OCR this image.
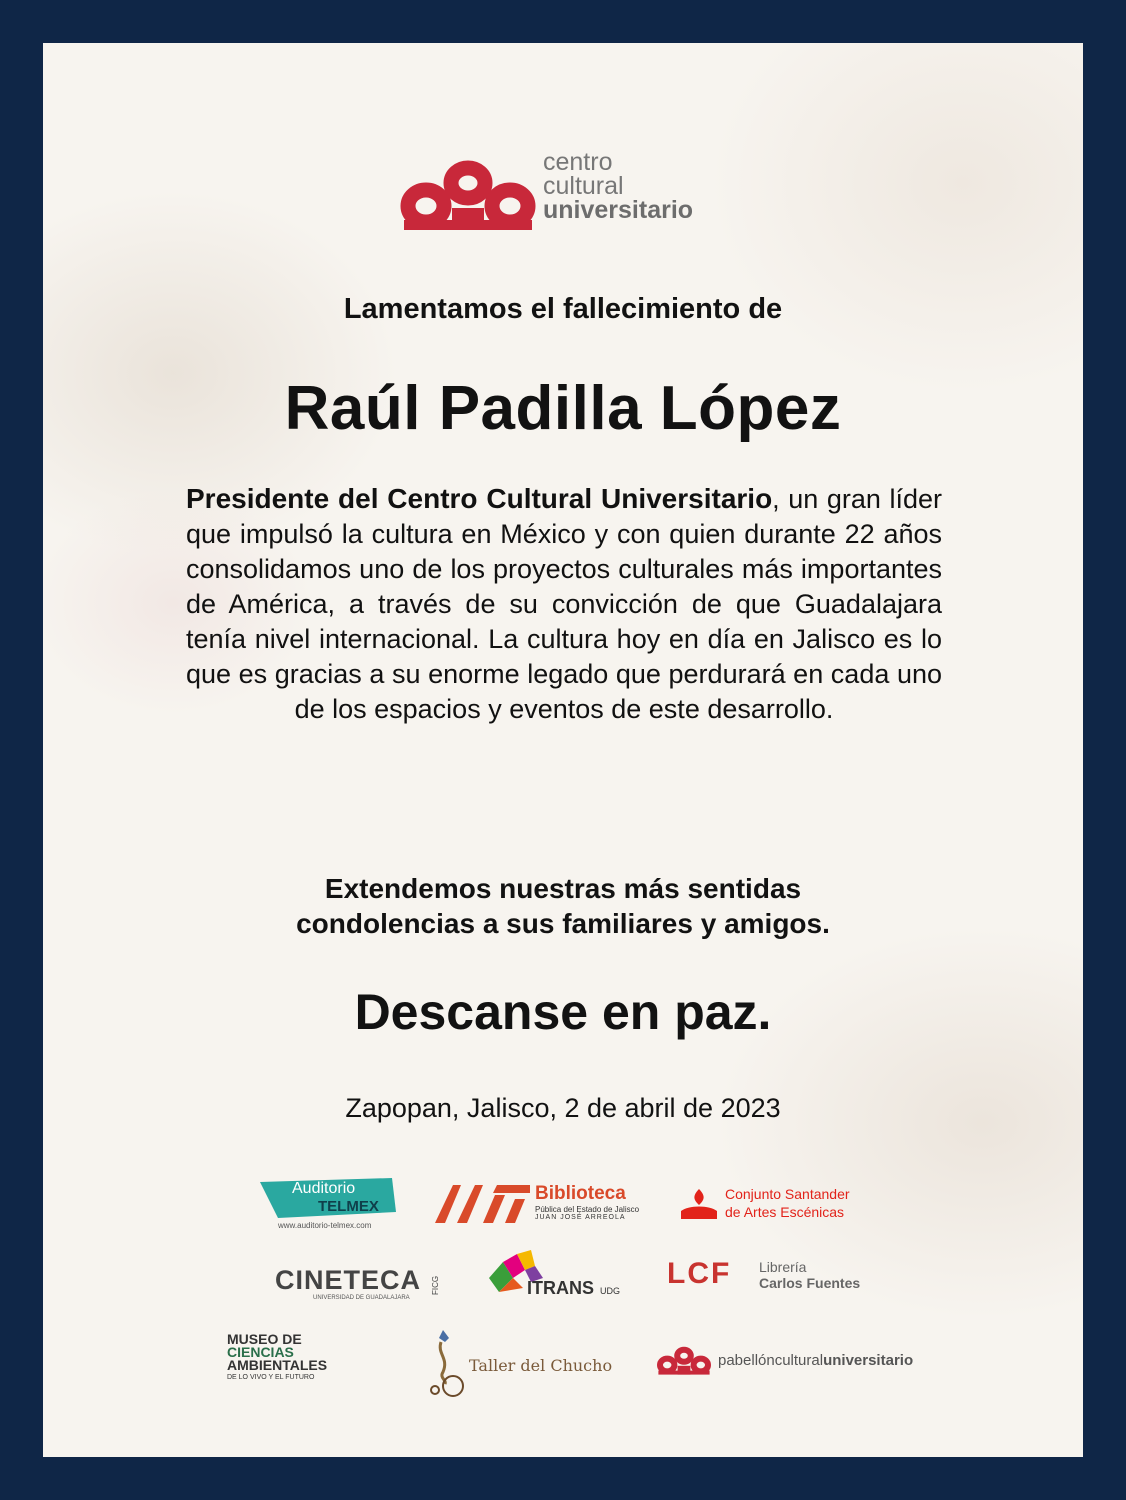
centro
cultural
universitario
Lamentamos el fallecimiento de
Raúl Padilla López
Presidente del Centro Cultural Universitario, un gran líder que impulsó la cultura en México y con quien durante 22 años consolidamos uno de los proyectos culturales más importantes de América, a través de su convicción de que Guadalajara tenía nivel internacional. La cultura hoy en día en Jalisco es lo que es gracias a su enorme legado que perdurará en cada uno de los espacios y eventos de este desarrollo.
Extendemos nuestras más sentidas
condolencias a sus familiares y amigos.
Descanse en paz.
Zapopan, Jalisco, 2 de abril de 2023
Auditorio
TELMEX
www.auditorio-telmex.com
Biblioteca
Pública del Estado de Jalisco
JUAN JOSÉ ARREOLA
Conjunto Santander
de Artes Escénicas
CINETECA FICG
UNIVERSIDAD DE GUADALAJARA	ITRANS UDG
LCF Librería
Carlos Fuentes
MUSEO DE
CIENCIAS
AMBIENTALES
DE LO VIVO Y EL FUTURO
Taller del Chucho	pabellónculturaluniversitario
